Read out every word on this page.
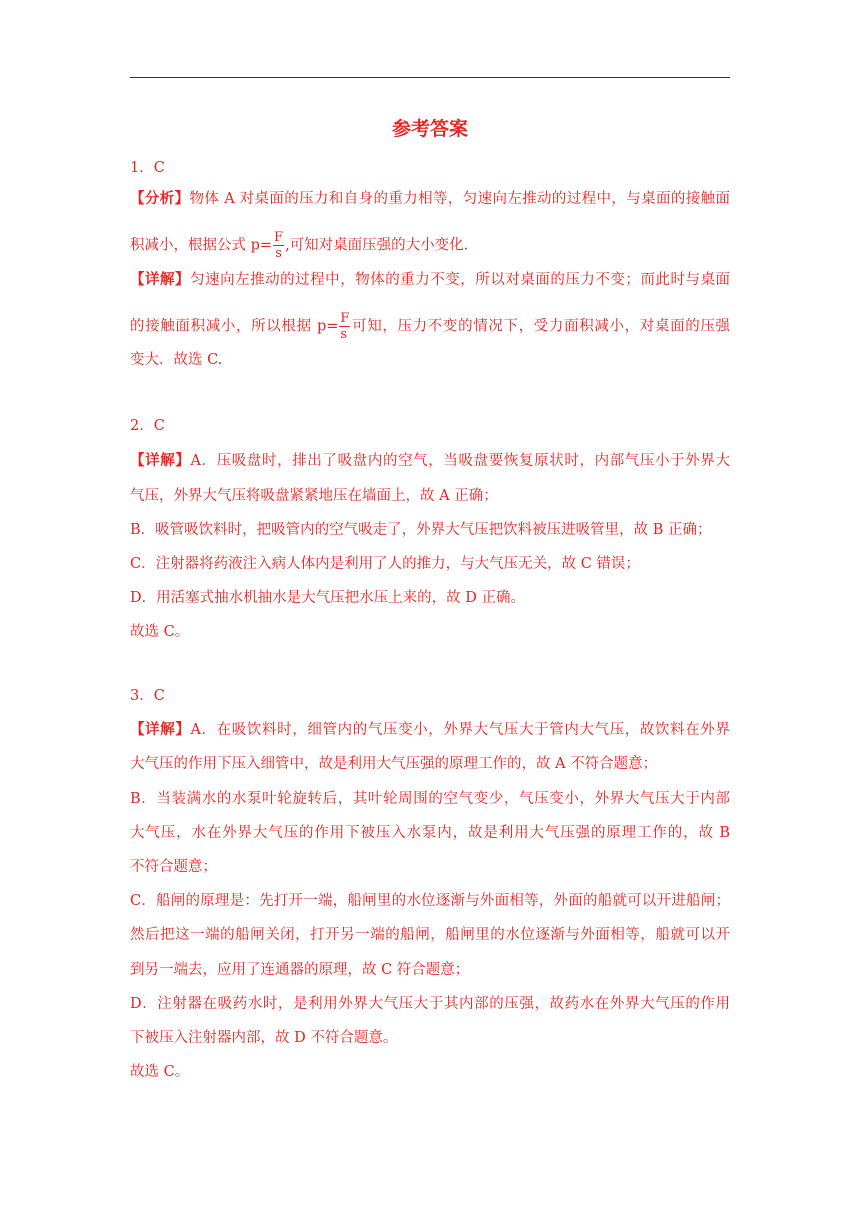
参考答案
1．C
【分析】物体 A 对桌面的压力和自身的重力相等，匀速向左推动的过程中，与桌面的接触面
积减小，根据公式 $p= \frac{F}{s}$ ,可知对桌面压强的大小变化.
【详解】匀速向左推动的过程中，物体的重力不变，所以对桌面的压力不变；而此时与桌面
的接触面积减小，所以根据 $p= \frac{F}{s}$ 可知，压力不变的情况下，受力面积减小，对桌面的压强
变大．故选 C.
2．C
【详解】A．压吸盘时，排出了吸盘内的空气，当吸盘要恢复原状时，内部气压小于外界大
气压，外界大气压将吸盘紧紧地压在墙面上，故 A 正确；
B．吸管吸饮料时，把吸管内的空气吸走了，外界大气压把饮料被压进吸管里，故 B 正确；
C．注射器将药液注入病人体内是利用了人的推力，与大气压无关，故 C 错误；
D．用活塞式抽水机抽水是大气压把水压上来的，故 D 正确。
故选 C。
3．C
【详解】A．在吸饮料时，细管内的气压变小，外界大气压大于管内大气压，故饮料在外界
大气压的作用下压入细管中，故是利用大气压强的原理工作的，故 A 不符合题意；
B．当装满水的水泵叶轮旋转后，其叶轮周围的空气变少，气压变小，外界大气压大于内部
大气压，水在外界大气压的作用下被压入水泵内，故是利用大气压强的原理工作的，故 B
不符合题意；
C．船闸的原理是：先打开一端，船闸里的水位逐渐与外面相等，外面的船就可以开进船闸；
然后把这一端的船闸关闭，打开另一端的船闸，船闸里的水位逐渐与外面相等，船就可以开
到另一端去，应用了连通器的原理，故 C 符合题意；
D．注射器在吸药水时，是利用外界大气压大于其内部的压强，故药水在外界大气压的作用
下被压入注射器内部，故 D 不符合题意。
故选 C。
